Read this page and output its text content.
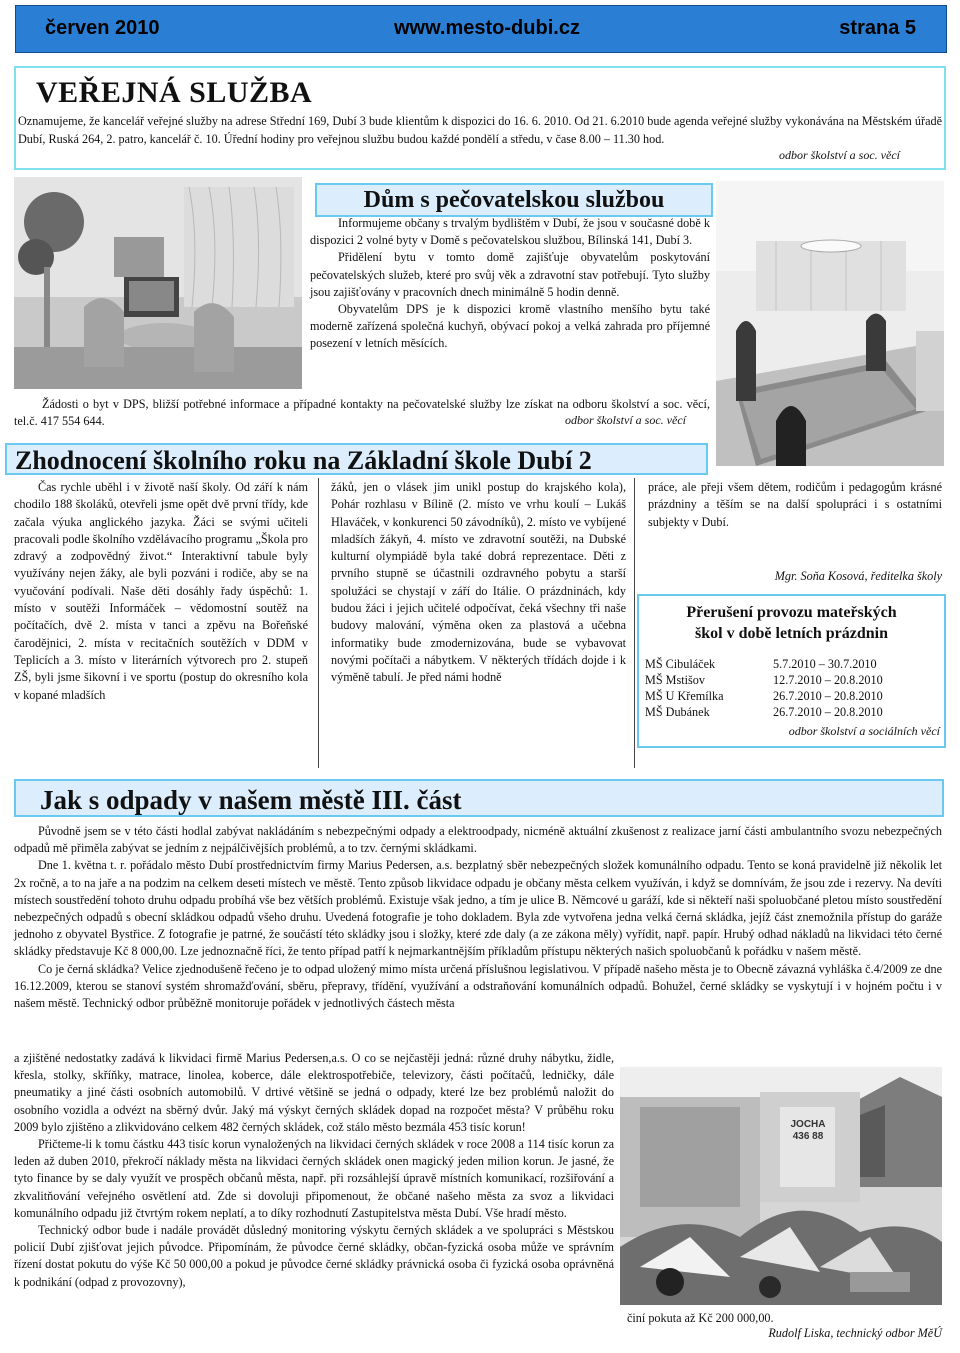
červen 2010	www.mesto-dubi.cz	strana 5
VEŘEJNÁ SLUŽBA

Oznamujeme, že kancelář veřejné služby na adrese Střední 169, Dubí 3 bude klientům k dispozici do 16. 6. 2010. Od 21. 6.2010 bude agenda veřejné služby vykonávána na Městském úřadě Dubí, Ruská 264, 2. patro, kancelář č. 10. Úřední hodiny pro veřejnou službu budou každé pondělí a středu, v čase 8.00 – 11.30 hod.

odbor školství a soc. věcí
Dům s pečovatelskou službou

Informujeme občany s trvalým bydlištěm v Dubí, že jsou v současné době k dispozici 2 volné byty v Domě s pečovatelskou službou, Bílinská 141, Dubí 3.

Přidělení bytu v tomto domě zajišťuje obyvatelům poskytování pečovatelských služeb, které pro svůj věk a zdravotní stav potřebují. Tyto služby jsou zajišťovány v pracovních dnech minimálně 5 hodin denně.

Obyvatelům DPS je k dispozici kromě vlastního menšího bytu také moderně zařízená společná kuchyň, obývací pokoj a velká zahrada pro příjemné posezení v letních měsících.

Žádosti o byt v DPS, bližší potřebné informace a případné kontakty na pečovatelské služby lze získat na odboru školství a soc. věcí, tel.č. 417 554 644.	odbor školství a soc. věcí
Zhodnocení školního roku na Základní škole Dubí 2

Čas rychle uběhl i v životě naší školy. Od září k nám chodilo 188 školáků, otevřeli jsme opět dvě první třídy, kde začala výuka anglického jazyka. Žáci se svými učiteli pracovali podle školního vzdělávacího programu „Škola pro zdravý a zodpovědný život.“ Interaktivní tabule byly využívány nejen žáky, ale byli pozváni i rodiče, aby se na vyučování podívali. Naše děti dosáhly řady úspěchů: 1. místo v soutěži Informáček – vědomostní soutěž na počítačích, dvě 2. místa v tanci a zpěvu na Bořeňské čarodějnici, 2. místa v recitačních soutěžích v DDM v Teplicích a 3. místo v literárních výtvorech pro 2. stupeň ZŠ, byli jsme šikovní i ve sportu (postup do okresního kola v kopané mladších

žáků, jen o vlásek jim unikl postup do krajského kola), Pohár rozhlasu v Bílině (2. místo ve vrhu koulí – Lukáš Hlaváček, v konkurenci 50 závodníků), 2. místo ve vybíjené mladších žákyň, 4. místo ve zdravotní soutěži, na Dubské kulturní olympiádě byla také dobrá reprezentace. Děti z prvního stupně se účastnili ozdravného pobytu a starší spolužáci se chystají v září do Itálie. O prázdninách, kdy budou žáci i jejich učitelé odpočívat, čeká všechny tři naše budovy malování, výměna oken za plastová a učebna informatiky bude zmodernizována, bude se vybavovat novými počítači a nábytkem. V některých třídách dojde i k výměně tabulí. Je před námi hodně

práce, ale přeji všem dětem, rodičům i pedagogům krásné prázdniny a těším se na další spolupráci i s ostatními subjekty v Dubí.

Mgr. Soňa Kosová, ředitelka školy
Přerušení provozu mateřských
škol v době letních prázdnin
MŠ Cibuláček	5.7.2010 – 30.7.2010
MŠ Mstišov	12.7.2010 – 20.8.2010
MŠ U Křemílka	26.7.2010 – 20.8.2010
MŠ Dubánek	26.7.2010 – 20.8.2010
odbor školství a sociálních věcí
Jak s odpady v našem městě III. část

Původně jsem se v této části hodlal zabývat nakládáním s nebezpečnými odpady a elektroodpady, nicméně aktuální zkušenost z realizace jarní části ambulantního svozu nebezpečných odpadů mě přiměla zabývat se jedním z nejpálčivějších problémů, a to tzv. černými skládkami.

Dne 1. května t. r. pořádalo město Dubí prostřednictvím firmy Marius Pedersen, a.s. bezplatný sběr nebezpečných složek komunálního odpadu. Tento se koná pravidelně již několik let 2x ročně, a to na jaře a na podzim na celkem deseti místech ve městě. Tento způsob likvidace odpadu je občany města celkem využíván, i když se domnívám, že jsou zde i rezervy. Na devíti místech soustředění tohoto druhu odpadu probíhá vše bez větších problémů. Existuje však jedno, a tím je ulice B. Němcové u garáží, kde si někteří naši spoluobčané pletou místo soustředění nebezpečných odpadů s obecní skládkou odpadů všeho druhu. Uvedená fotografie je toho dokladem. Byla zde vytvořena jedna velká černá skládka, jejíž část znemožnila přístup do garáže jednoho z obyvatel Bystřice. Z fotografie je patrné, že součástí této skládky jsou i složky, které zde daly (a ze zákona měly) vyřídit, např. papír. Hrubý odhad nákladů na likvidaci této černé skládky představuje Kč 8 000,00. Lze jednoznačně říci, že tento případ patří k nejmarkantnějším příkladům přístupu některých našich spoluobčanů k pořádku v našem městě.

Co je černá skládka? Velice zjednodušeně řečeno je to odpad uložený mimo místa určená příslušnou legislativou. V případě našeho města je to Obecně závazná vyhláška č.4/2009 ze dne 16.12.2009, kterou se stanoví systém shromažďování, sběru, přepravy, třídění, využívání a odstraňování komunálních odpadů. Bohužel, černé skládky se vyskytují i v hojném počtu i v našem městě. Technický odbor průběžně monitoruje pořádek v jednotlivých částech města

a zjištěné nedostatky zadává k likvidaci firmě Marius Pedersen,a.s. O co se nejčastěji jedná: různé druhy nábytku, židle, křesla, stolky, skříňky, matrace, linolea, koberce, dále elektrospotřebiče, televizory, části počítačů, ledničky, dále pneumatiky a jiné části osobních automobilů. V drtivé většině se jedná o odpady, které lze bez problémů naložit do osobního vozidla a odvézt na sběrný dvůr. Jaký má výskyt černých skládek dopad na rozpočet města? V průběhu roku 2009 bylo zjištěno a zlikvidováno celkem 482 černých skládek, což stálo město bezmála 453 tisíc korun!

Přičteme-li k tomu částku 443 tisíc korun vynaložených na likvidaci černých skládek v roce 2008 a 114 tisíc korun za leden až duben 2010, překročí náklady města na likvidaci černých skládek onen magický jeden milion korun. Je jasné, že tyto finance by se daly využít ve prospěch občanů města, např. při rozsáhlejší úpravě místních komunikací, rozšiřování a zkvalitňování veřejného osvětlení atd. Zde si dovoluji připomenout, že občané našeho města za svoz a likvidaci komunálního odpadu již čtvrtým rokem neplatí, a to díky rozhodnutí Zastupitelstva města Dubí. Vše hradí město.

Technický odbor bude i nadále provádět důsledný monitoring výskytu černých skládek a ve spolupráci s Městskou policií Dubí zjišťovat jejich původce. Připomínám, že původce černé skládky, občan-fyzická osoba může ve správním řízení dostat pokutu do výše Kč 50 000,00 a pokud je původce černé skládky právnická osoba či fyzická osoba oprávněná k podnikání (odpad z provozovny),

činí pokuta až Kč 200 000,00.
Rudolf Liska, technický odbor MěÚ
JOCHA 436 88
